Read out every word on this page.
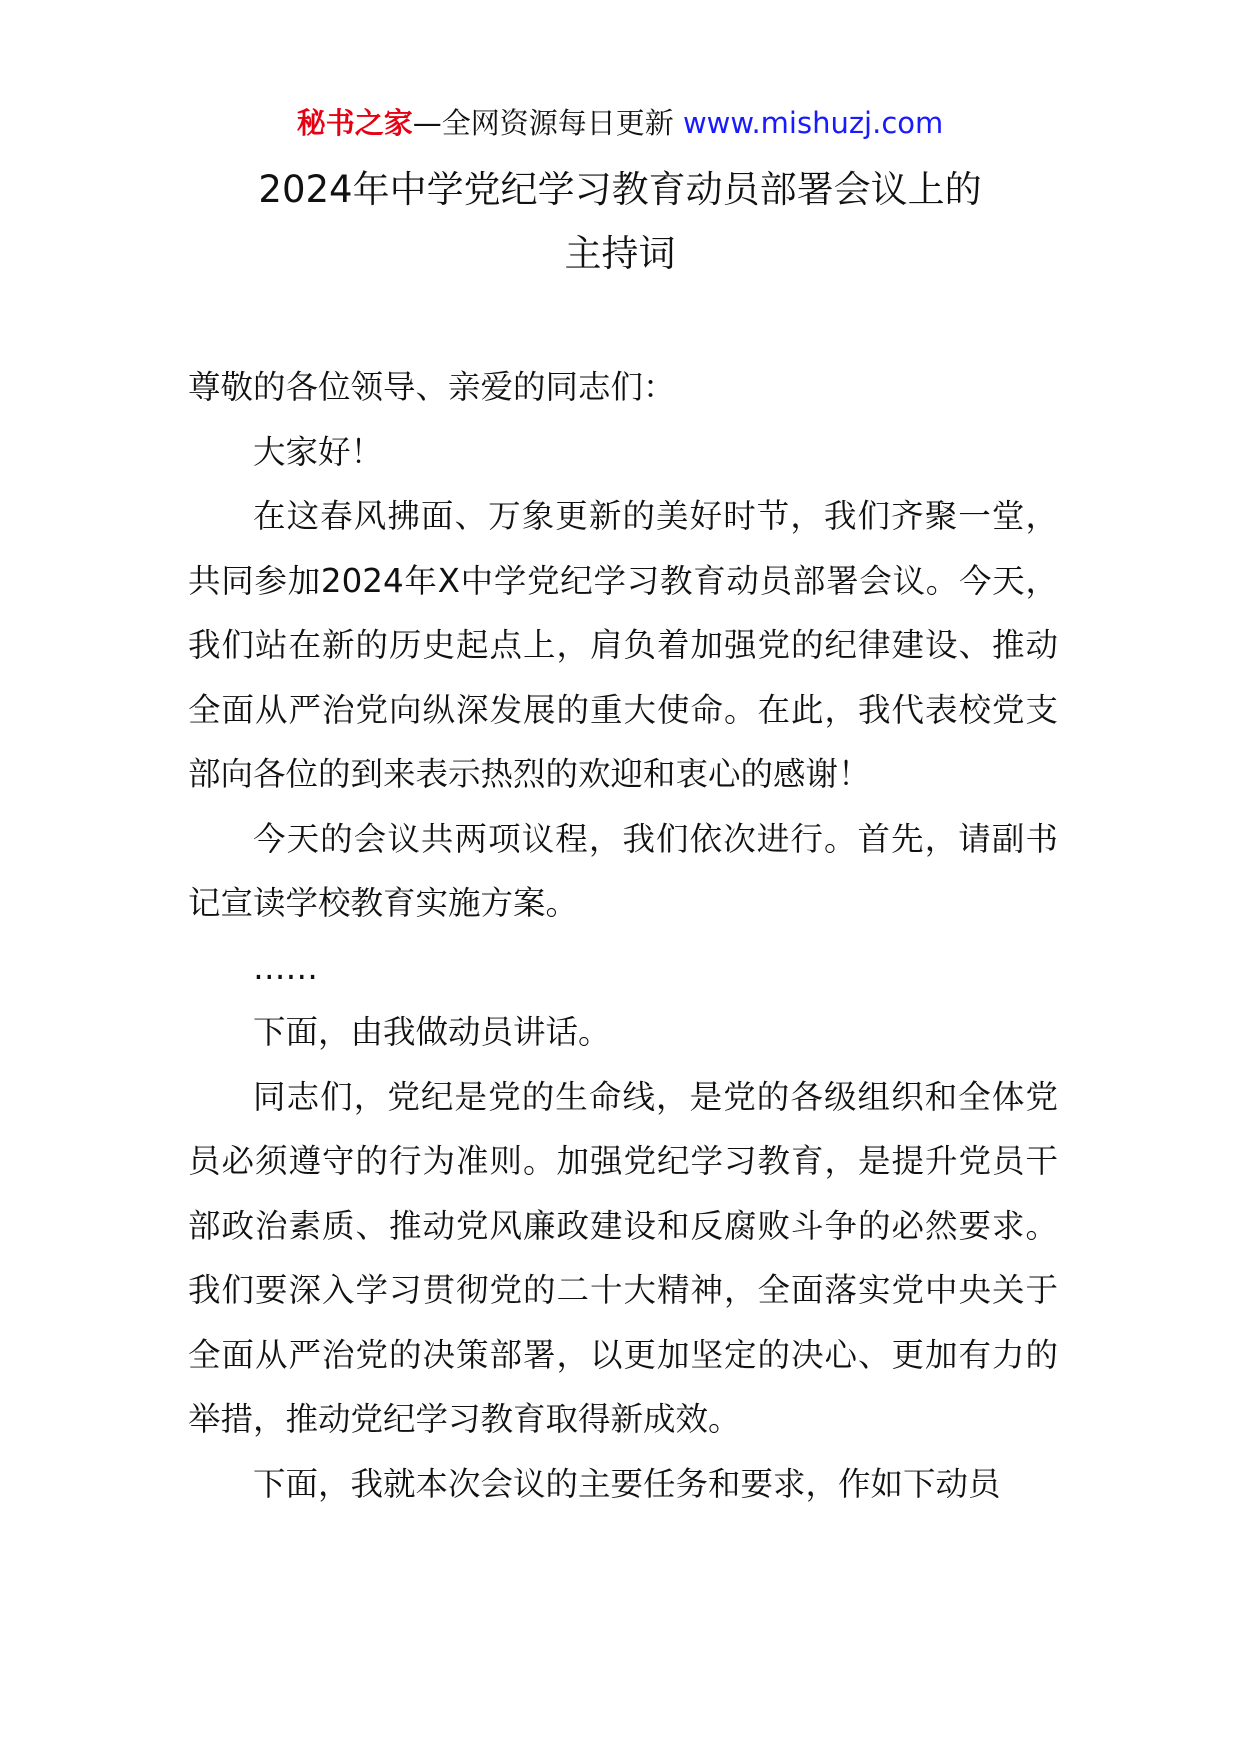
秘书之家—全网资源每日更新 www.mishuzj.com
2024年中学党纪学习教育动员部署会议上的
主持词

尊敬的各位领导、亲爱的同志们：

大家好！

在这春风拂面、万象更新的美好时节，我们齐聚一堂，共同参加2024年X中学党纪学习教育动员部署会议。今天，我们站在新的历史起点上，肩负着加强党的纪律建设、推动全面从严治党向纵深发展的重大使命。在此，我代表校党支部向各位的到来表示热烈的欢迎和衷心的感谢！

今天的会议共两项议程，我们依次进行。首先，请副书记宣读学校教育实施方案。

……

下面，由我做动员讲话。

同志们，党纪是党的生命线，是党的各级组织和全体党员必须遵守的行为准则。加强党纪学习教育，是提升党员干部政治素质、推动党风廉政建设和反腐败斗争的必然要求。我们要深入学习贯彻党的二十大精神，全面落实党中央关于全面从严治党的决策部署，以更加坚定的决心、更加有力的举措，推动党纪学习教育取得新成效。

下面，我就本次会议的主要任务和要求，作如下动员
